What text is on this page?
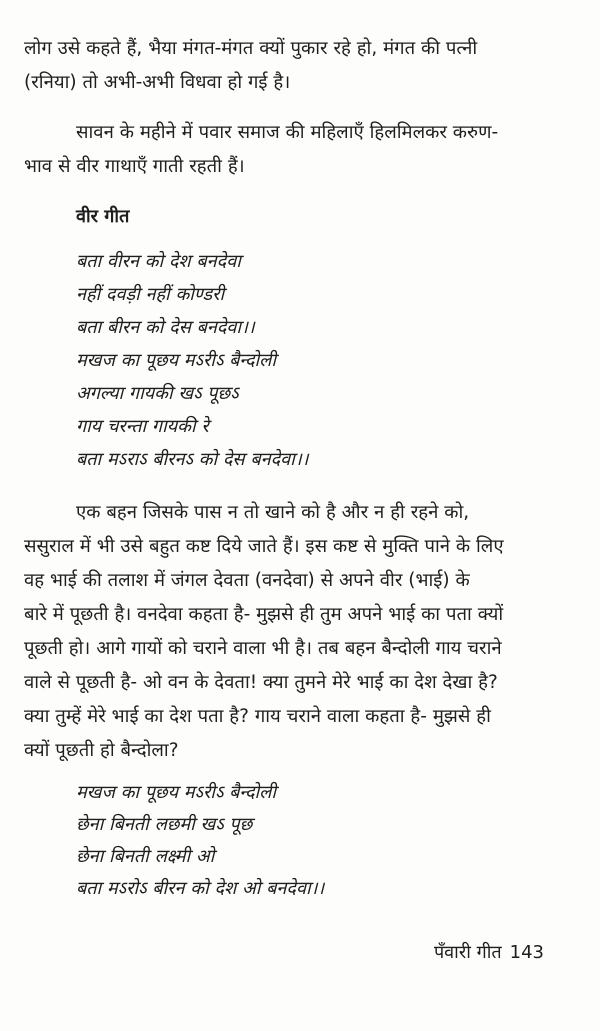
लोग उसे कहते हैं, भैया मंगत-मंगत क्यों पुकार रहे हो, मंगत की पत्नी
(रनिया) तो अभी-अभी विधवा हो गई है।
सावन के महीने में पवार समाज की महिलाएँ हिलमिलकर करुण-
भाव से वीर गाथाएँ गाती रहती हैं।
वीर गीत
बता वीरन को देश बनदेवा
नहीं दवड़ी नहीं कोण्डरी
बता बीरन को देस बनदेवा।।
मखज का पूछय मऽरीऽ बैन्दोली
अगल्या गायकी खऽ पूछऽ
गाय चरन्ता गायकी रे
बता मऽराऽ बीरनऽ को देस बनदेवा।।
एक बहन जिसके पास न तो खाने को है और न ही रहने को,
ससुराल में भी उसे बहुत कष्ट दिये जाते हैं। इस कष्ट से मुक्ति पाने के लिए
वह भाई की तलाश में जंगल देवता (वनदेवा) से अपने वीर (भाई) के
बारे में पूछती है। वनदेवा कहता है- मुझसे ही तुम अपने भाई का पता क्यों
पूछती हो। आगे गायों को चराने वाला भी है। तब बहन बैन्दोली गाय चराने
वाले से पूछती है- ओ वन के देवता! क्या तुमने मेरे भाई का देश देखा है?
क्या तुम्हें मेरे भाई का देश पता है? गाय चराने वाला कहता है- मुझसे ही
क्यों पूछती हो बैन्दोला?
मखज का पूछय मऽरीऽ बैन्दोली
छेना बिनती लछमी खऽ पूछ
छेना बिनती लक्ष्मी ओ
बता मऽरोऽ बीरन को देश ओ बनदेवा।।
पँवारी गीत 143
